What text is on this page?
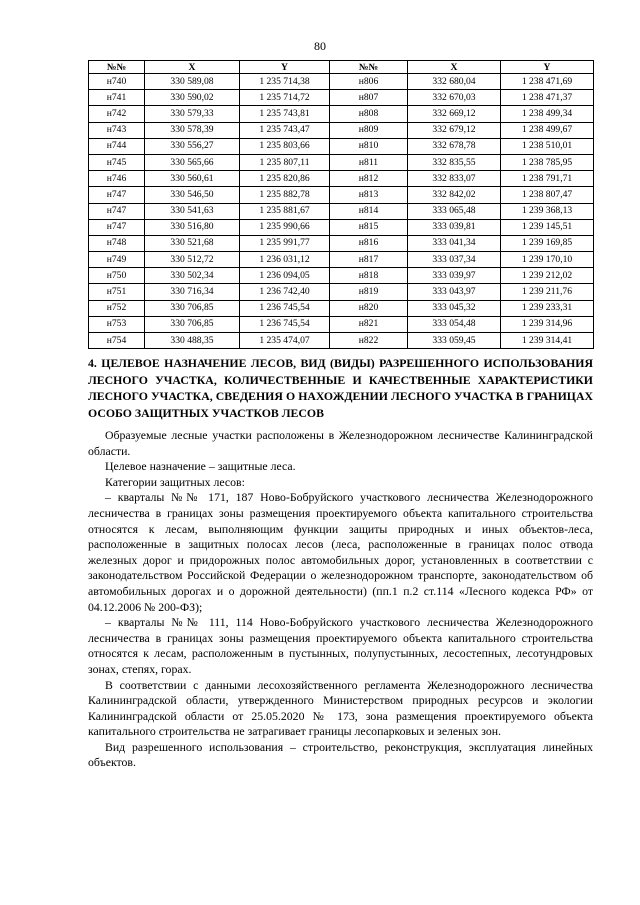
80
№№	X	Y	№№	X	Y
н740	330 589,08	1 235 714,38	н806	332 680,04	1 238 471,69
н741	330 590,02	1 235 714,72	н807	332 670,03	1 238 471,37
н742	330 579,33	1 235 743,81	н808	332 669,12	1 238 499,34
н743	330 578,39	1 235 743,47	н809	332 679,12	1 238 499,67
н744	330 556,27	1 235 803,66	н810	332 678,78	1 238 510,01
н745	330 565,66	1 235 807,11	н811	332 835,55	1 238 785,95
н746	330 560,61	1 235 820,86	н812	332 833,07	1 238 791,71
н747	330 546,50	1 235 882,78	н813	332 842,02	1 238 807,47
н747	330 541,63	1 235 881,67	н814	333 065,48	1 239 368,13
н747	330 516,80	1 235 990,66	н815	333 039,81	1 239 145,51
н748	330 521,68	1 235 991,77	н816	333 041,34	1 239 169,85
н749	330 512,72	1 236 031,12	н817	333 037,34	1 239 170,10
н750	330 502,34	1 236 094,05	н818	333 039,97	1 239 212,02
н751	330 716,34	1 236 742,40	н819	333 043,97	1 239 211,76
н752	330 706,85	1 236 745,54	н820	333 045,32	1 239 233,31
н753	330 706,85	1 236 745,54	н821	333 054,48	1 239 314,96
н754	330 488,35	1 235 474,07	н822	333 059,45	1 239 314,41
4. ЦЕЛЕВОЕ НАЗНАЧЕНИЕ ЛЕСОВ, ВИД (ВИДЫ) РАЗРЕШЕННОГО ИСПОЛЬЗОВАНИЯ ЛЕСНОГО УЧАСТКА, КОЛИЧЕСТВЕННЫЕ И КАЧЕСТВЕННЫЕ ХАРАКТЕРИСТИКИ ЛЕСНОГО УЧАСТКА, СВЕДЕНИЯ О НАХОЖДЕНИИ ЛЕСНОГО УЧАСТКА В ГРАНИЦАХ ОСОБО ЗАЩИТНЫХ УЧАСТКОВ ЛЕСОВ

Образуемые лесные участки расположены в Железнодорожном лесничестве Калининградской области.

Целевое назначение – защитные леса.

Категории защитных лесов:

– кварталы №№ 171, 187 Ново-Бобруйского участкового лесничества Железнодорожного лесничества в границах зоны размещения проектируемого объекта капитального строительства относятся к лесам, выполняющим функции защиты природных и иных объектов-леса, расположенные в защитных полосах лесов (леса, расположенные в границах полос отвода железных дорог и придорожных полос автомобильных дорог, установленных в соответствии с законодательством Российской Федерации о железнодорожном транспорте, законодательством об автомобильных дорогах и о дорожной деятельности) (пп.1 п.2 ст.114 «Лесного кодекса РФ» от 04.12.2006 № 200-ФЗ);

– кварталы №№ 111, 114 Ново-Бобруйского участкового лесничества Железнодорожного лесничества в границах зоны размещения проектируемого объекта капитального строительства относятся к лесам, расположенным в пустынных, полупустынных, лесостепных, лесотундровых зонах, степях, горах.

В соответствии с данными лесохозяйственного регламента Железнодорожного лесничества Калининградской области, утвержденного Министерством природных ресурсов и экологии Калининградской области от 25.05.2020 № 173, зона размещения проектируемого объекта капитального строительства не затрагивает границы лесопарковых и зеленых зон.

Вид разрешенного использования – строительство, реконструкция, эксплуатация линейных объектов.
